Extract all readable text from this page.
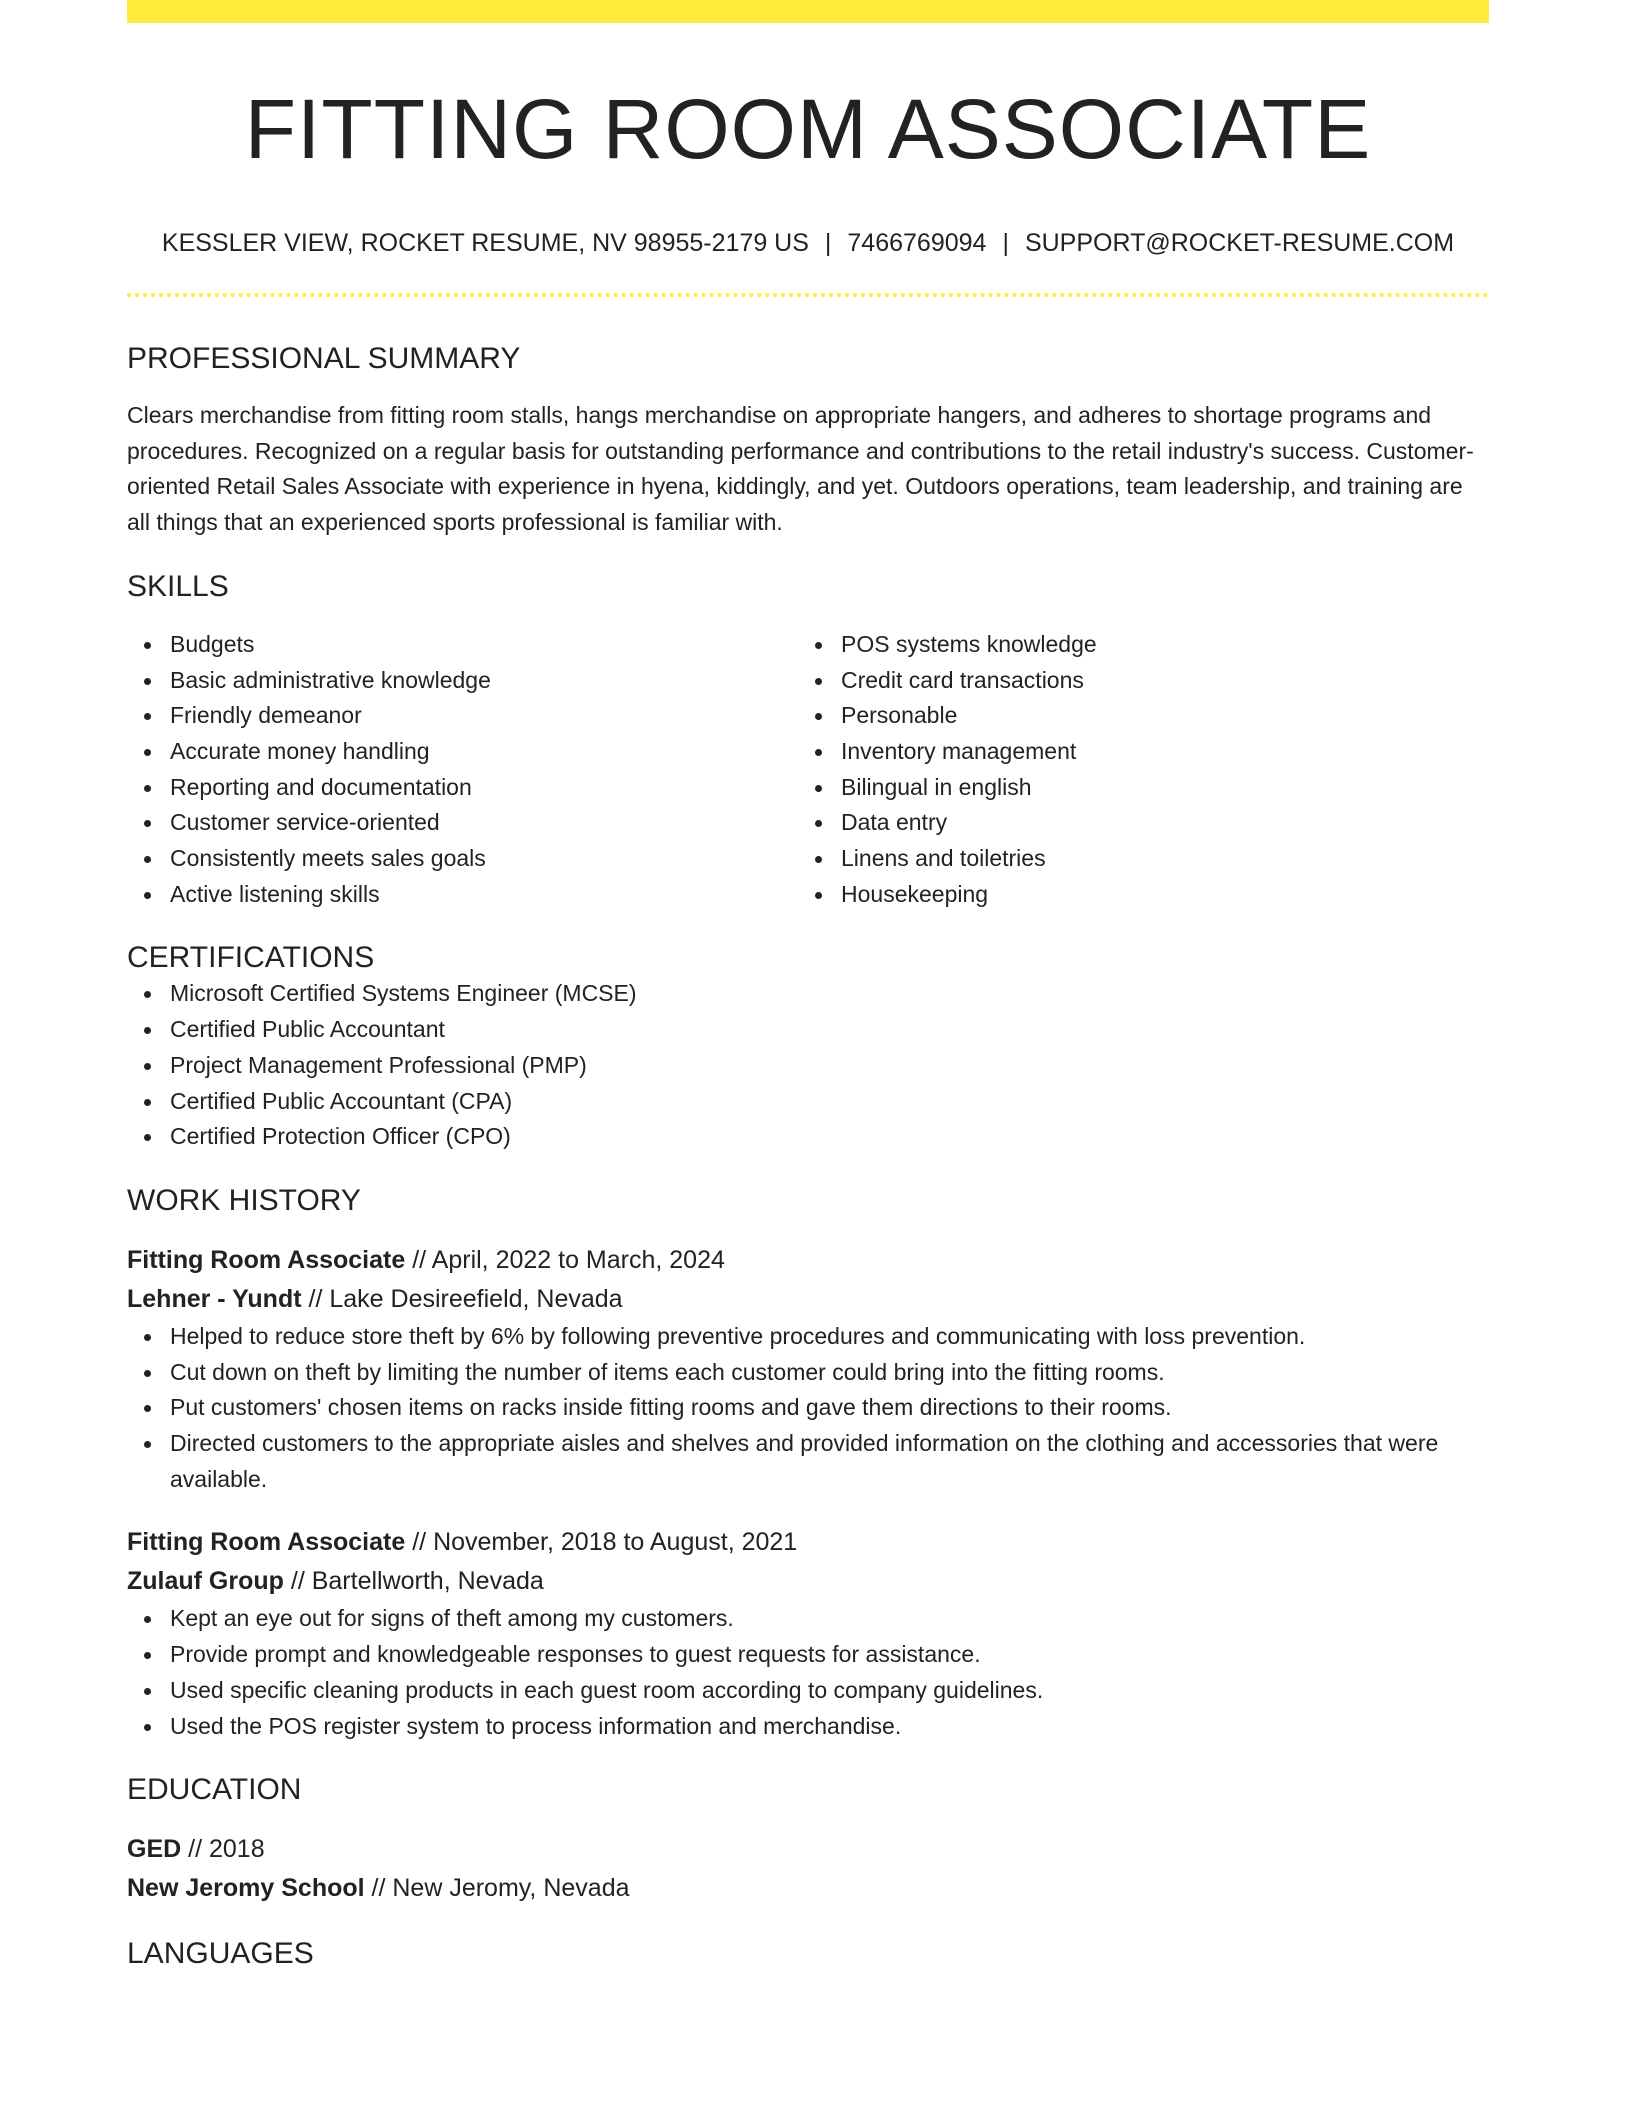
FITTING ROOM ASSOCIATE
KESSLER VIEW, ROCKET RESUME, NV 98955-2179 US | 7466769094 | SUPPORT@ROCKET-RESUME.COM
PROFESSIONAL SUMMARY
Clears merchandise from fitting room stalls, hangs merchandise on appropriate hangers, and adheres to shortage programs and procedures. Recognized on a regular basis for outstanding performance and contributions to the retail industry's success. Customer-oriented Retail Sales Associate with experience in hyena, kiddingly, and yet. Outdoors operations, team leadership, and training are all things that an experienced sports professional is familiar with.
SKILLS
Budgets
Basic administrative knowledge
Friendly demeanor
Accurate money handling
Reporting and documentation
Customer service-oriented
Consistently meets sales goals
Active listening skills
POS systems knowledge
Credit card transactions
Personable
Inventory management
Bilingual in english
Data entry
Linens and toiletries
Housekeeping
CERTIFICATIONS
Microsoft Certified Systems Engineer (MCSE)
Certified Public Accountant
Project Management Professional (PMP)
Certified Public Accountant (CPA)
Certified Protection Officer (CPO)
WORK HISTORY
Fitting Room Associate // April, 2022 to March, 2024
Lehner - Yundt // Lake Desireefield, Nevada
Helped to reduce store theft by 6% by following preventive procedures and communicating with loss prevention.
Cut down on theft by limiting the number of items each customer could bring into the fitting rooms.
Put customers' chosen items on racks inside fitting rooms and gave them directions to their rooms.
Directed customers to the appropriate aisles and shelves and provided information on the clothing and accessories that were available.
Fitting Room Associate // November, 2018 to August, 2021
Zulauf Group // Bartellworth, Nevada
Kept an eye out for signs of theft among my customers.
Provide prompt and knowledgeable responses to guest requests for assistance.
Used specific cleaning products in each guest room according to company guidelines.
Used the POS register system to process information and merchandise.
EDUCATION
GED // 2018
New Jeromy School // New Jeromy, Nevada
LANGUAGES
